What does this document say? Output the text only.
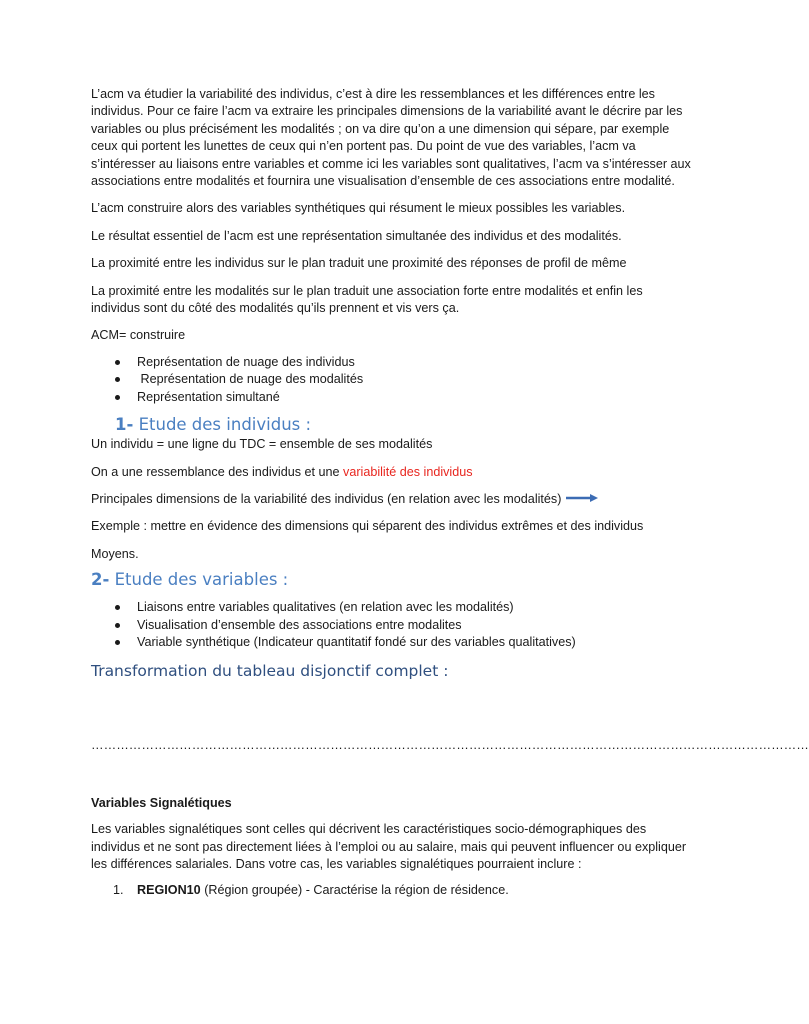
L’acm va étudier la variabilité des individus, c’est à dire les ressemblances et les différences entre les individus. Pour ce faire l’acm va extraire les principales dimensions de la variabilité avant le décrire par les variables ou plus précisément les modalités ; on va dire qu’on a une dimension qui sépare, par exemple ceux qui portent les lunettes de ceux qui n’en portent pas. Du point de vue des variables, l’acm va s’intéresser au liaisons entre variables et comme ici les variables sont qualitatives, l’acm va s’intéresser aux associations entre modalités et fournira une visualisation d’ensemble de ces associations entre modalité.

L’acm construire alors des variables synthétiques qui résument le mieux possibles les variables.

Le résultat essentiel de l’acm est une représentation simultanée des individus et des modalités.

La proximité entre les individus sur le plan traduit une proximité des réponses de profil de même

La proximité entre les modalités sur le plan traduit une association forte entre modalités et enfin les individus sont du côté des modalités qu’ils prennent et vis vers ça.

ACM= construire

Représentation de nuage des individus
Représentation de nuage des modalités
Représentation simultané
1- Etude des individus :

Un individu = une ligne du TDC = ensemble de ses modalités

On a une ressemblance des individus et une variabilité des individus

Principales dimensions de la variabilité des individus (en relation avec les modalités)

Exemple : mettre en évidence des dimensions qui séparent des individus extrêmes et des individus

Moyens.

2- Etude des variables :
Liaisons entre variables qualitatives (en relation avec les modalités)
Visualisation d’ensemble des associations entre modalites
Variable synthétique (Indicateur quantitatif fondé sur des variables qualitatives)
Transformation du tableau disjonctif complet :
………………………………………………………………………………………………………………………………………………………

Variables Signalétiques

Les variables signalétiques sont celles qui décrivent les caractéristiques socio-démographiques des individus et ne sont pas directement liées à l’emploi ou au salaire, mais qui peuvent influencer ou expliquer les différences salariales. Dans votre cas, les variables signalétiques pourraient inclure :

1. REGION10 (Région groupée) - Caractérise la région de résidence.
